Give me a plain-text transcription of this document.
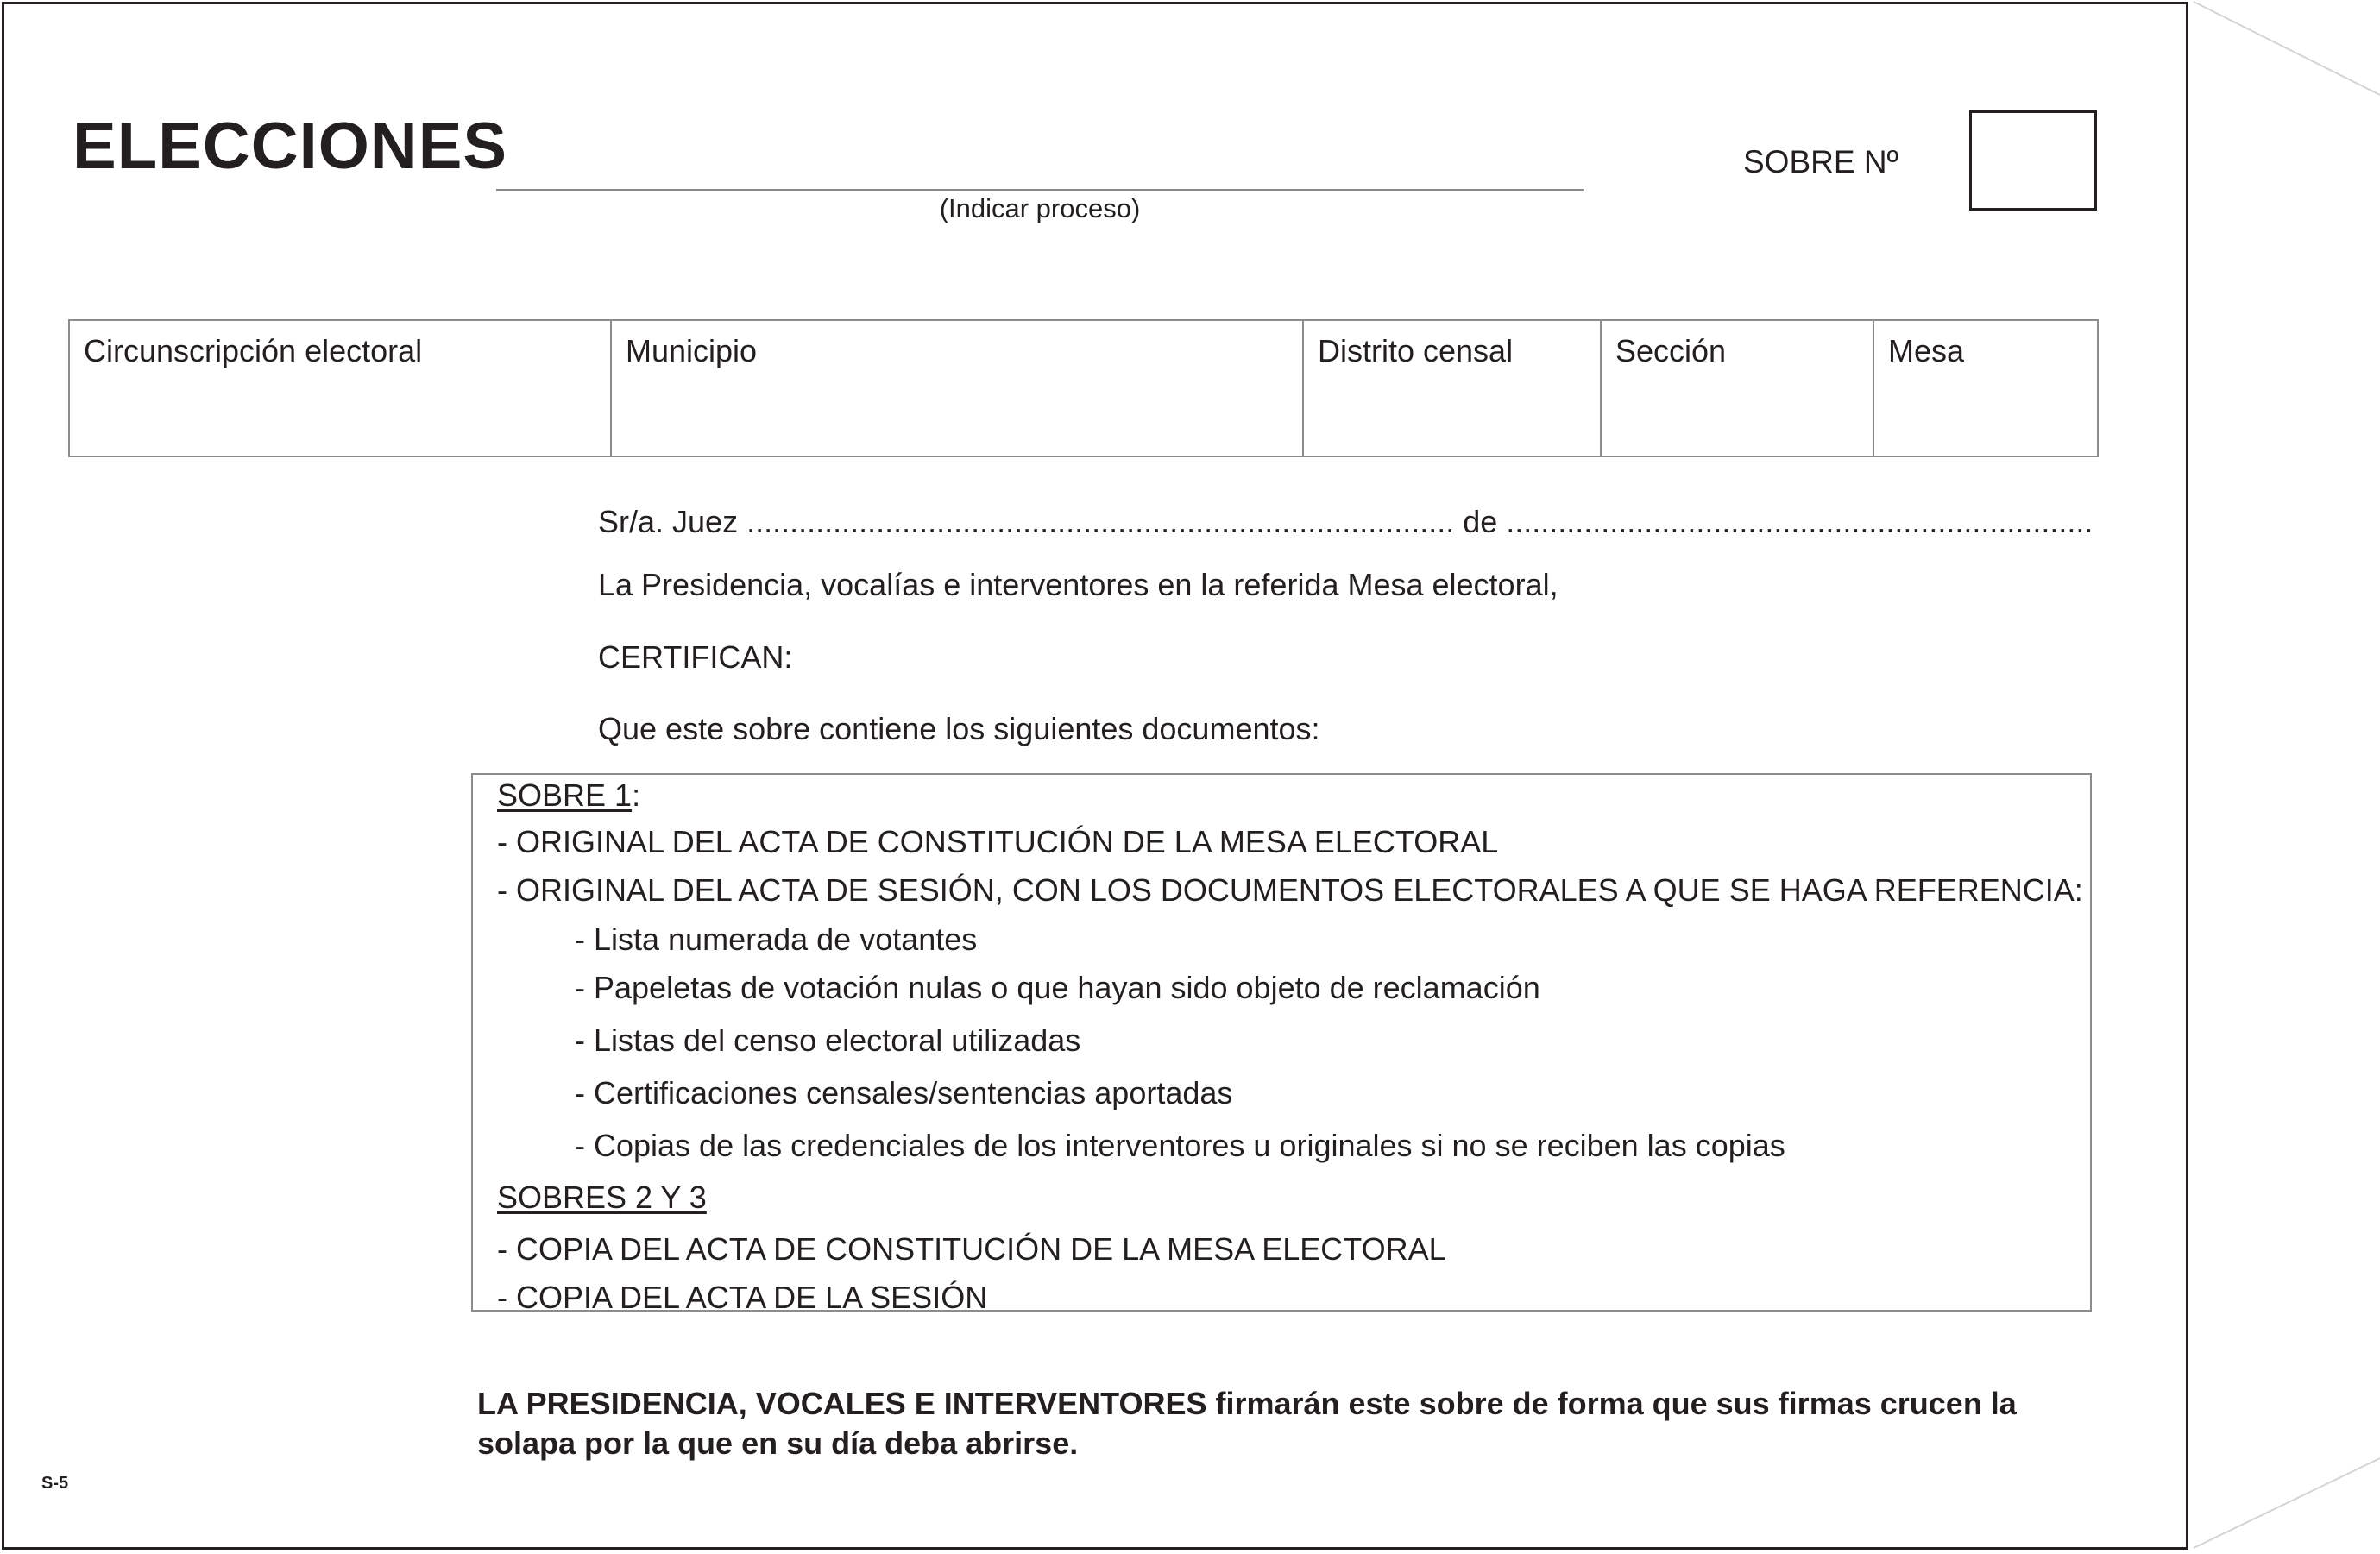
ELECCIONES
(Indicar proceso)
SOBRE Nº
Circunscripción electoral	Municipio	Distrito censal	Sección	Mesa
Sr/a. Juez .................................................................................. de ....................................................................
La Presidencia, vocalías e interventores en la referida Mesa electoral,
CERTIFICAN:
Que este sobre contiene los siguientes documentos:
SOBRE 1:
- ORIGINAL DEL ACTA DE CONSTITUCIÓN DE LA MESA ELECTORAL
- ORIGINAL DEL ACTA DE SESIÓN, CON LOS DOCUMENTOS ELECTORALES A QUE SE HAGA REFERENCIA:
- Lista numerada de votantes
- Papeletas de votación nulas o que hayan sido objeto de reclamación
- Listas del censo electoral utilizadas
- Certificaciones censales/sentencias aportadas
- Copias de las credenciales de los interventores u originales si no se reciben las copias
SOBRES 2 Y 3
- COPIA DEL ACTA DE CONSTITUCIÓN DE LA MESA ELECTORAL
- COPIA DEL ACTA DE LA SESIÓN
LA PRESIDENCIA, VOCALES E INTERVENTORES firmarán este sobre de forma que sus firmas crucen la solapa por la que en su día deba abrirse.
S-5
